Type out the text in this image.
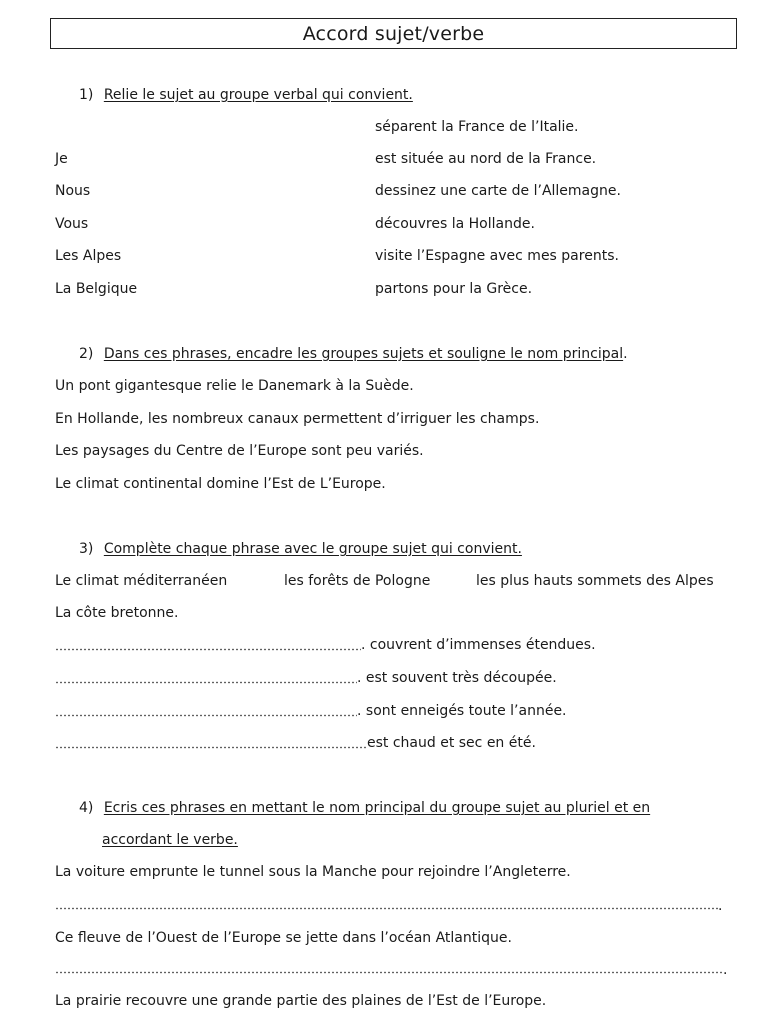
Accord sujet/verbe
1) Relie le sujet au groupe verbal qui convient.
Je
Nous
Vous
Les Alpes
La Belgique
séparent la France de l’Italie.
est située au nord de la France.
dessinez une carte de l’Allemagne.
découvres la Hollande.
visite l’Espagne avec mes parents.
partons pour la Grèce.
2) Dans ces phrases, encadre les groupes sujets et souligne le nom principal.
Un pont gigantesque relie le Danemark à la Suède.
En Hollande, les nombreux canaux permettent d’irriguer les champs.
Les paysages du Centre de l’Europe sont peu variés.
Le climat continental domine l’Est de L’Europe.
3) Complète chaque phrase avec le groupe sujet qui convient.
Le climat méditerranéen	les forêts de Pologne	les plus hauts sommets des Alpes
La côte bretonne.
. couvrent d’immenses étendues.
. est souvent très découpée.
. sont enneigés toute l’année.
est chaud et sec en été.
4) Ecris ces phrases en mettant le nom principal du groupe sujet au pluriel et en
accordant le verbe.
La voiture emprunte le tunnel sous la Manche pour rejoindre l’Angleterre.
.
Ce fleuve de l’Ouest de l’Europe se jette dans l’océan Atlantique.
.
La prairie recouvre une grande partie des plaines de l’Est de l’Europe.
